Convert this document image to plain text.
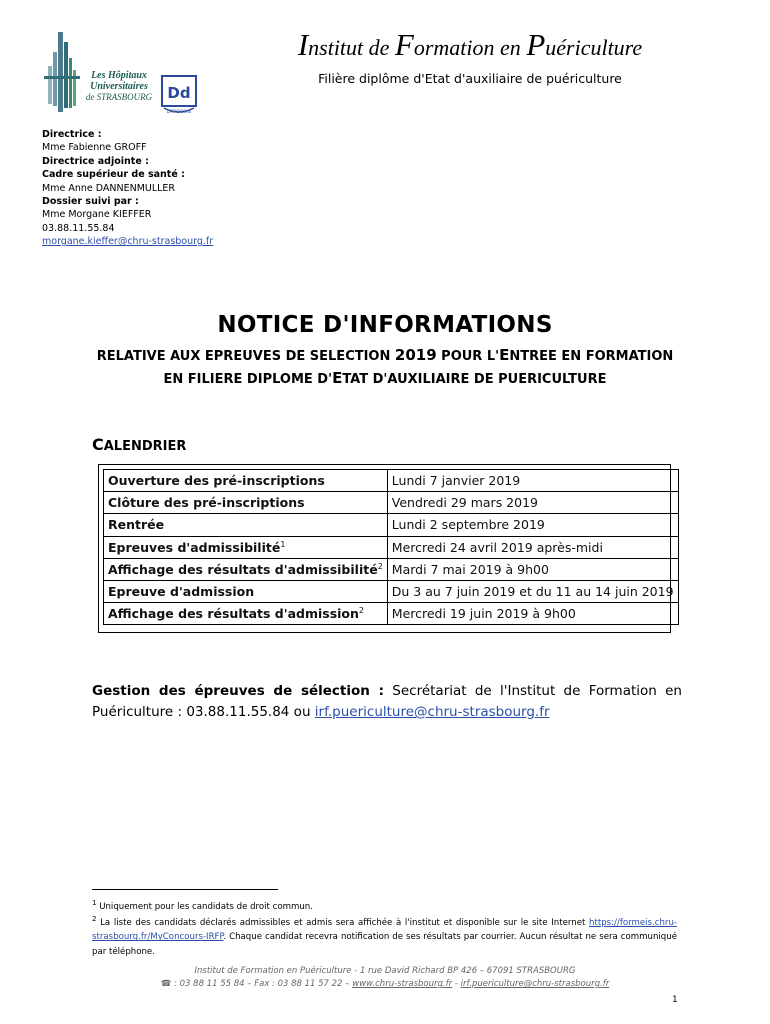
Les Hôpitaux
Universitaires
de STRASBOURG	Dd
DATADOCKÉ
Institut de Formation en Puériculture
Filière diplôme d'Etat d'auxiliaire de puériculture
Directrice :
Mme Fabienne GROFF
Directrice adjointe :
Cadre supérieur de santé :
Mme Anne DANNENMULLER
Dossier suivi par :
Mme Morgane KIEFFER
03.88.11.55.84
morgane.kieffer@chru-strasbourg.fr
NOTICE D'INFORMATIONS
RELATIVE AUX EPREUVES DE SELECTION 2019 POUR L'ENTREE EN FORMATION
EN FILIERE DIPLOME D'ETAT D'AUXILIAIRE DE PUERICULTURE
CALENDRIER
Ouverture des pré-inscriptions	Lundi 7 janvier 2019
Clôture des pré-inscriptions	Vendredi 29 mars 2019
Rentrée	Lundi 2 septembre 2019
Epreuves d'admissibilité$^1$	Mercredi 24 avril 2019 après-midi
Affichage des résultats d'admissibilité$^2$	Mardi 7 mai 2019 à 9h00
Epreuve d'admission	Du 3 au 7 juin 2019 et du 11 au 14 juin 2019
Affichage des résultats d'admission$^2$	Mercredi 19 juin 2019 à 9h00
Gestion des épreuves de sélection : Secrétariat de l'Institut de Formation en Puériculture : 03.88.11.55.84 ou irf.puericulture@chru-strasbourg.fr
$^1$ Uniquement pour les candidats de droit commun.
$^2$ La liste des candidats déclarés admissibles et admis sera affichée à l'institut et disponible sur le site Internet https://formeis.chru-strasbourg.fr/MyConcours-IRFP. Chaque candidat recevra notification de ses résultats par courrier. Aucun résultat ne sera communiqué par téléphone.
Institut de Formation en Puériculture - 1 rue David Richard BP 426 – 67091 STRASBOURG
☎ : 03 88 11 55 84 – Fax : 03 88 11 57 22 – www.chru-strasbourg.fr - irf.puericulture@chru-strasbourg.fr
1
